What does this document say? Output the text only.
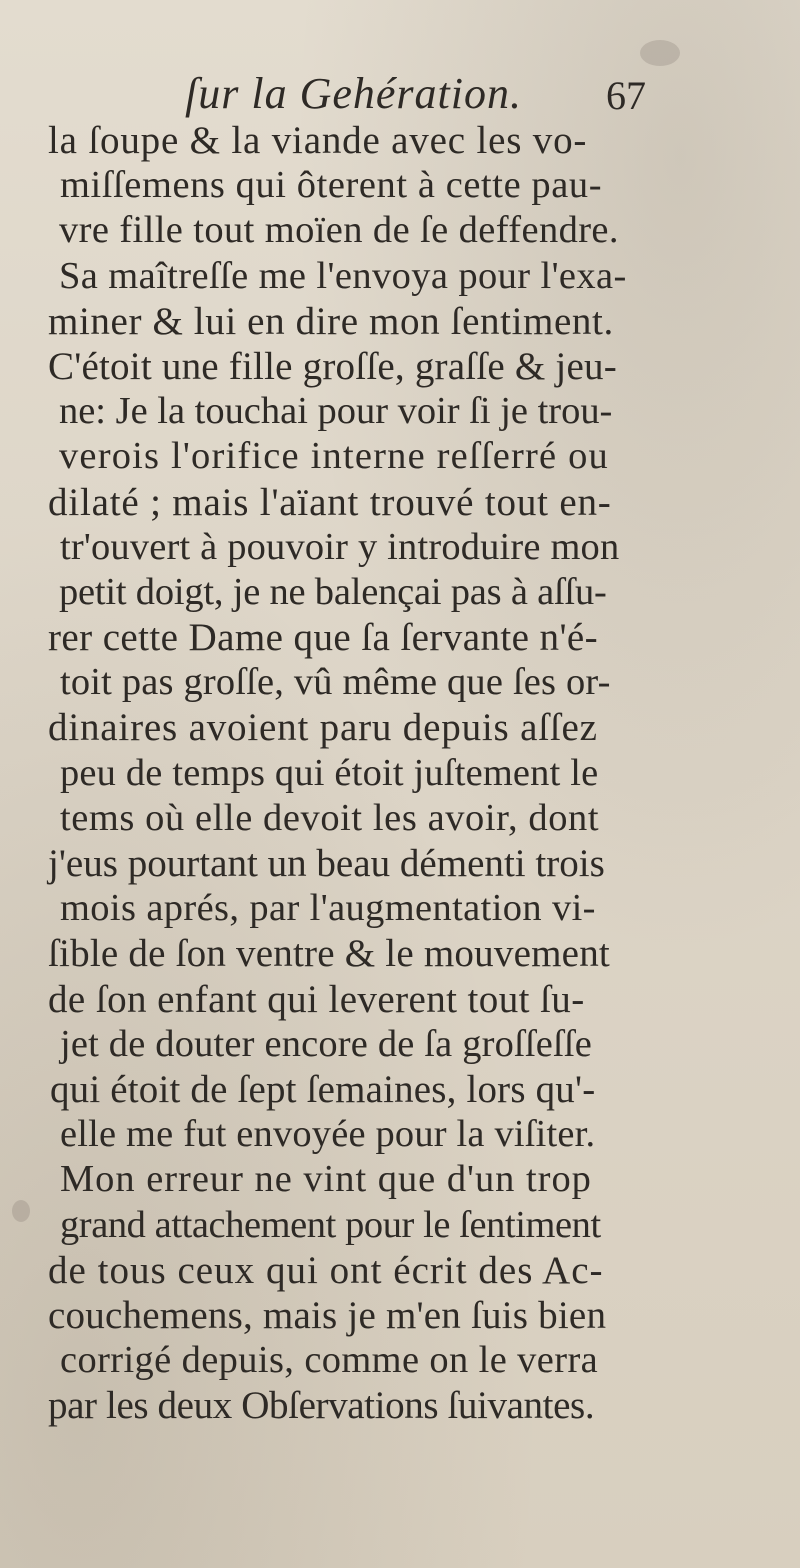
ſur la Gehération. 67
la ſoupe & la viande avec les vo-
miſſemens qui ôterent à cette pau-
vre fille tout moïen de ſe deffendre.
Sa maîtreſſe me l'envoya pour l'exa-
miner & lui en dire mon ſentiment.
C'étoit une fille groſſe, graſſe & jeu-
ne: Je la touchai pour voir ſi je trou-
verois l'orifice interne reſſerré ou
dilaté ; mais l'aïant trouvé tout en-
tr'ouvert à pouvoir y introduire mon
petit doigt, je ne balençai pas à aſſu-
rer cette Dame que ſa ſervante n'é-
toit pas groſſe, vû même que ſes or-
dinaires avoient paru depuis aſſez
peu de temps qui étoit juſtement le
tems où elle devoit les avoir, dont
j'eus pourtant un beau démenti trois
mois aprés, par l'augmentation vi-
ſible de ſon ventre & le mouvement
de ſon enfant qui leverent tout ſu-
jet de douter encore de ſa groſſeſſe
qui étoit de ſept ſemaines, lors qu'-
elle me fut envoyée pour la viſiter.
Mon erreur ne vint que d'un trop
grand attachement pour le ſentiment
de tous ceux qui ont écrit des Ac-
couchemens, mais je m'en ſuis bien
corrigé depuis, comme on le verra
par les deux Obſervations ſuivantes.
